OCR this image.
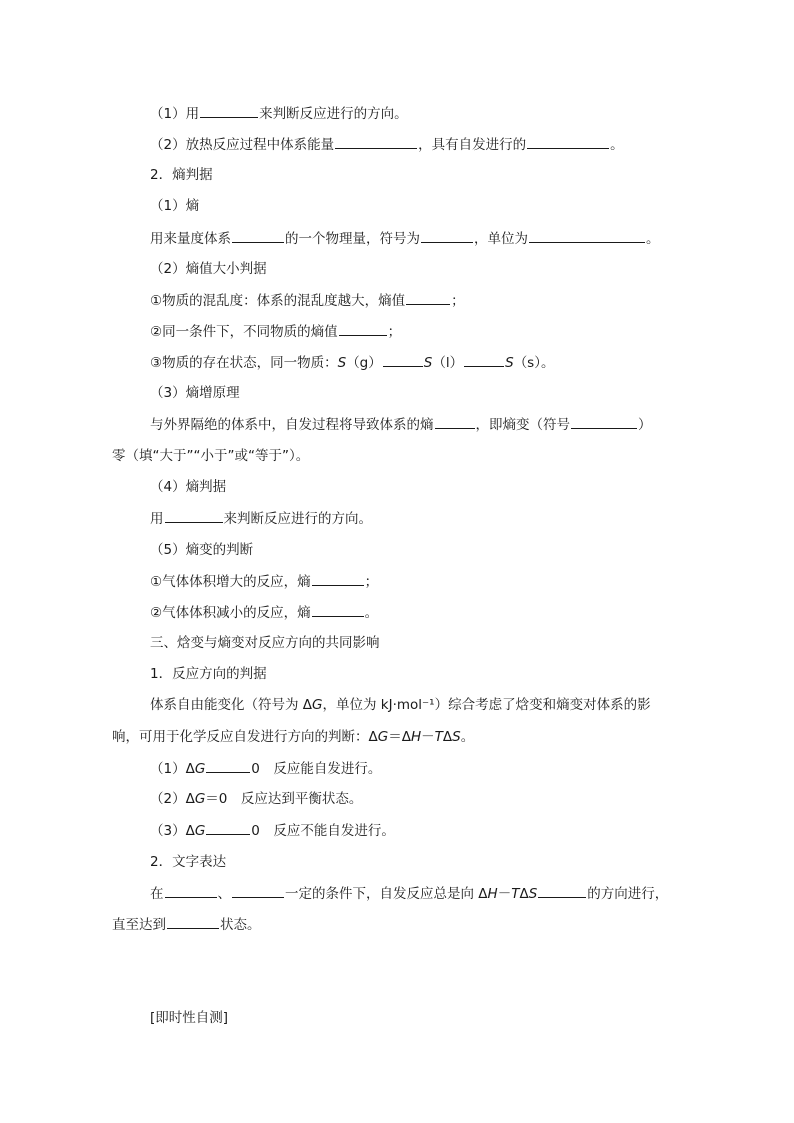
（1）用	来判断反应进行的方向。
（2）放热反应过程中体系能量	，具有自发进行的	。
2．熵判据
（1）熵
用来量度体系	的一个物理量，符号为	，单位为	。
（2）熵值大小判据
①物质的混乱度：体系的混乱度越大，熵值	；
②同一条件下，不同物质的熵值	；
③物质的存在状态，同一物质：S（g）	S（l）	S（s）。
（3）熵增原理
与外界隔绝的体系中，自发过程将导致体系的熵	，即熵变（符号	）
零（填“大于”“小于”或“等于”）。
（4）熵判据
用	来判断反应进行的方向。
（5）熵变的判断
①气体体积增大的反应，熵	；
②气体体积减小的反应，熵	。
三、焓变与熵变对反应方向的共同影响
1．反应方向的判据
体系自由能变化（符号为 ΔG，单位为 kJ·mol⁻¹）综合考虑了焓变和熵变对体系的影
响，可用于化学反应自发进行方向的判断：ΔG＝ΔH－TΔS。
（1）ΔG	0　反应能自发进行。
（2）ΔG＝0　反应达到平衡状态。
（3）ΔG	0　反应不能自发进行。
2．文字表达
在	、	一定的条件下，自发反应总是向 ΔH－TΔS	的方向进行，
直至达到	状态。
[即时性自测]
